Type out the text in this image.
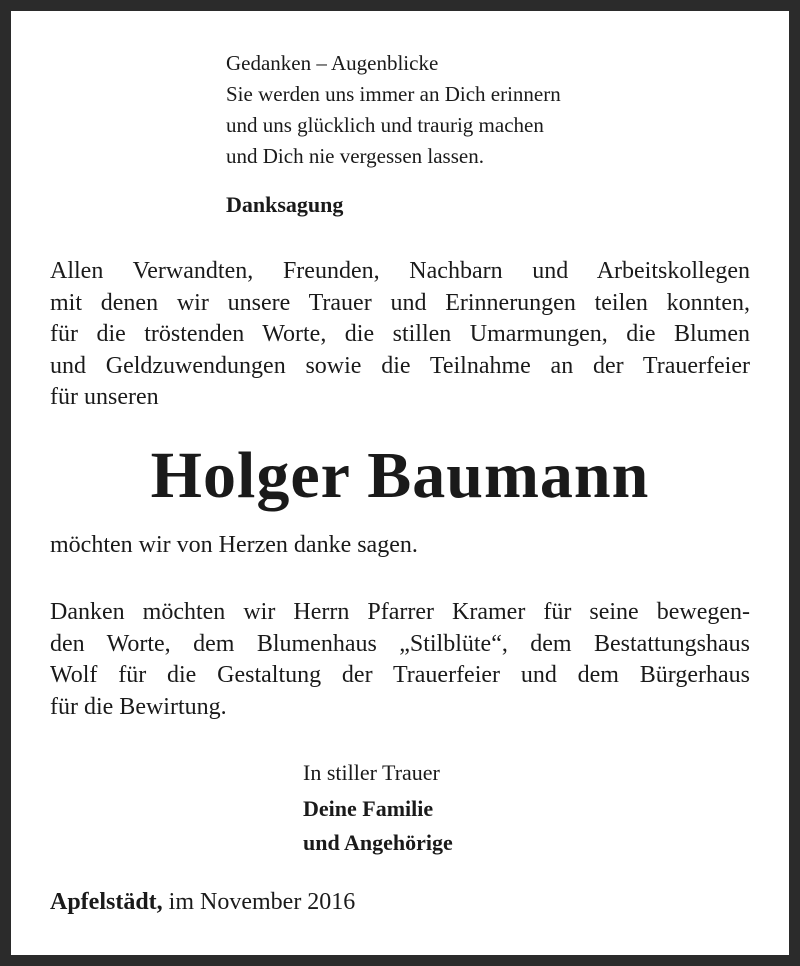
Gedanken – Augenblicke
Sie werden uns immer an Dich erinnern
und uns glücklich und traurig machen
und Dich nie vergessen lassen.
Danksagung
Allen Verwandten, Freunden, Nachbarn und Arbeitskollegen
mit denen wir unsere Trauer und Erinnerungen teilen konnten,
für die tröstenden Worte, die stillen Umarmungen, die Blumen
und Geldzuwendungen sowie die Teilnahme an der Trauerfeier
für unseren
Holger Baumann
möchten wir von Herzen danke sagen.
Danken möchten wir Herrn Pfarrer Kramer für seine bewegen-
den Worte, dem Blumenhaus „Stilblüte“, dem Bestattungshaus
Wolf für die Gestaltung der Trauerfeier und dem Bürgerhaus
für die Bewirtung.
In stiller Trauer
Deine Familie
und Angehörige
Apfelstädt, im November 2016
